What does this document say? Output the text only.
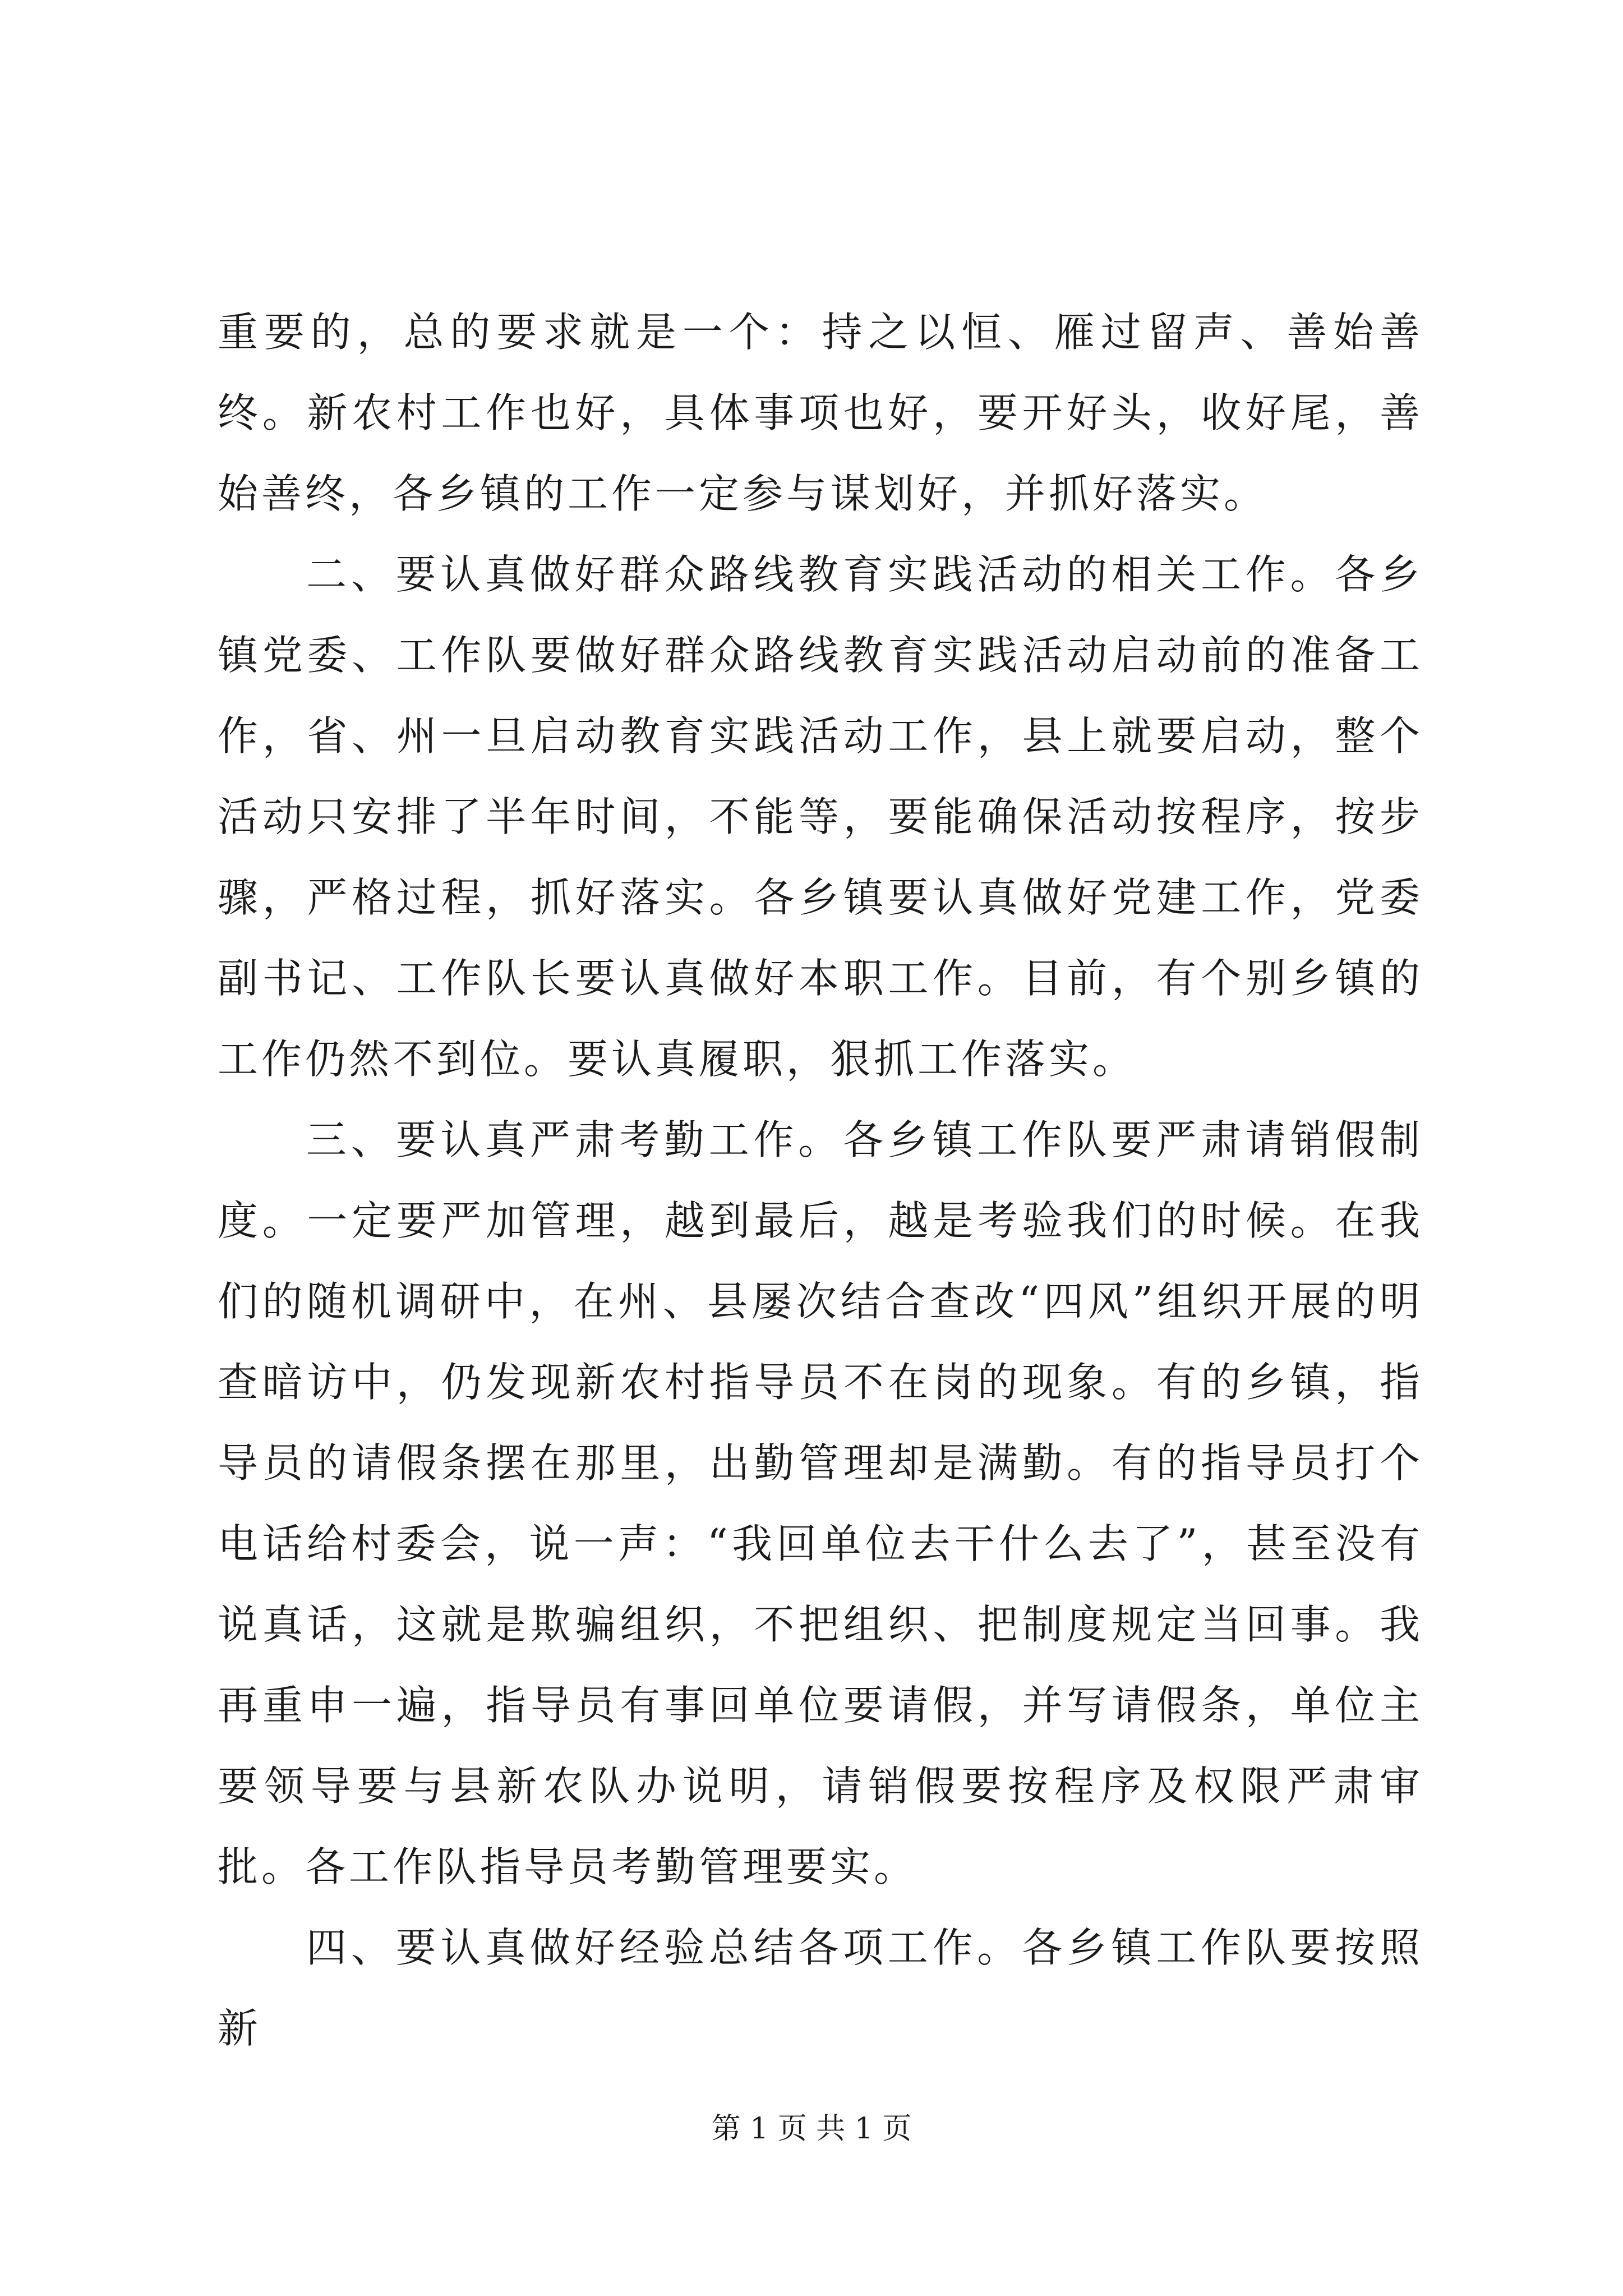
重要的，总的要求就是一个：持之以恒、雁过留声、善始善终。新农村工作也好，具体事项也好，要开好头，收好尾，善始善终，各乡镇的工作一定参与谋划好，并抓好落实。

二、要认真做好群众路线教育实践活动的相关工作。各乡镇党委、工作队要做好群众路线教育实践活动启动前的准备工作，省、州一旦启动教育实践活动工作，县上就要启动，整个活动只安排了半年时间，不能等，要能确保活动按程序，按步骤，严格过程，抓好落实。各乡镇要认真做好党建工作，党委副书记、工作队长要认真做好本职工作。目前，有个别乡镇的工作仍然不到位。要认真履职，狠抓工作落实。

三、要认真严肃考勤工作。各乡镇工作队要严肃请销假制度。一定要严加管理，越到最后，越是考验我们的时候。在我们的随机调研中，在州、县屡次结合查改“四风”组织开展的明查暗访中，仍发现新农村指导员不在岗的现象。有的乡镇，指导员的请假条摆在那里，出勤管理却是满勤。有的指导员打个电话给村委会，说一声：“我回单位去干什么去了”，甚至没有说真话，这就是欺骗组织，不把组织、把制度规定当回事。我再重申一遍，指导员有事回单位要请假，并写请假条，单位主要领导要与县新农队办说明，请销假要按程序及权限严肃审批。各工作队指导员考勤管理要实。

四、要认真做好经验总结各项工作。各乡镇工作队要按照新

第 1 页 共 1 页
